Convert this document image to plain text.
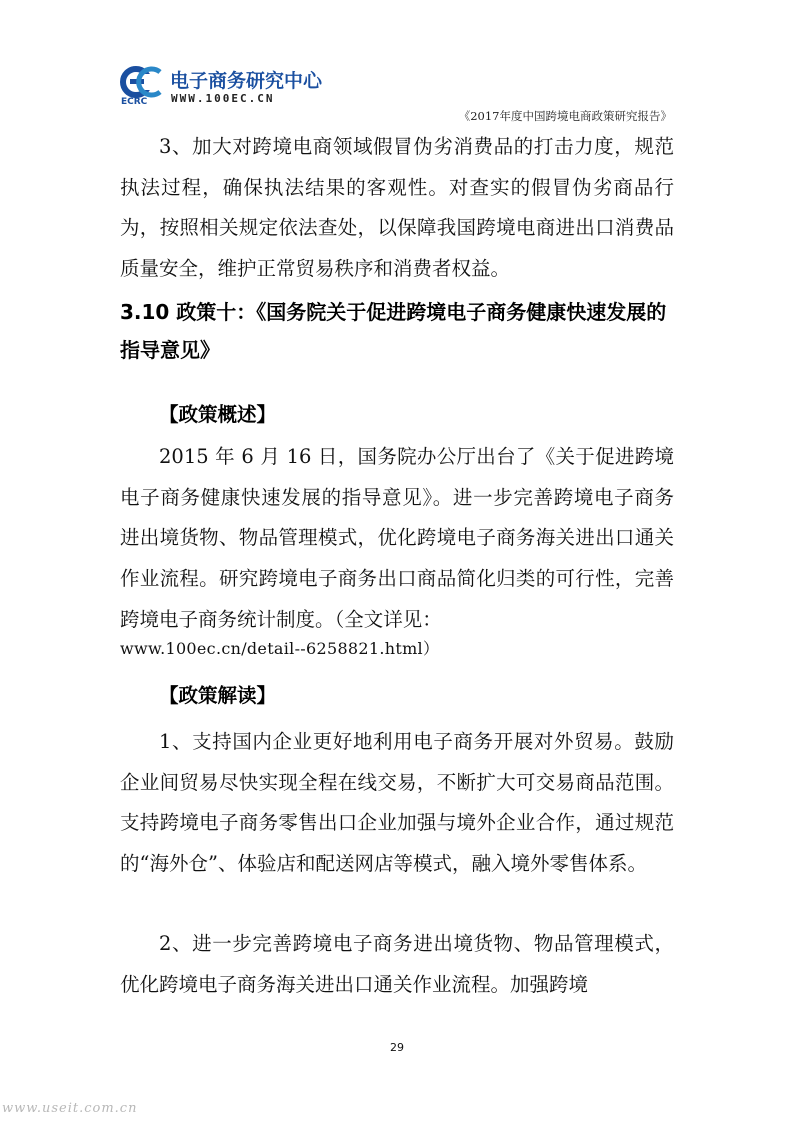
电子商务研究中心
ECRC WWW.100EC.CN
《2017年度中国跨境电商政策研究报告》
3、加大对跨境电商领域假冒伪劣消费品的打击力度，规范执法过程，确保执法结果的客观性。对查实的假冒伪劣商品行为，按照相关规定依法查处，以保障我国跨境电商进出口消费品质量安全，维护正常贸易秩序和消费者权益。
3.10 政策十：《国务院关于促进跨境电子商务健康快速发展的指导意见》
【政策概述】
2015 年 6 月 16 日，国务院办公厅出台了《关于促进跨境电子商务健康快速发展的指导意见》。进一步完善跨境电子商务进出境货物、物品管理模式，优化跨境电子商务海关进出口通关作业流程。研究跨境电子商务出口商品简化归类的可行性，完善跨境电子商务统计制度。（全文详见：
www.100ec.cn/detail--6258821.html）
【政策解读】
1、支持国内企业更好地利用电子商务开展对外贸易。鼓励企业间贸易尽快实现全程在线交易，不断扩大可交易商品范围。支持跨境电子商务零售出口企业加强与境外企业合作，通过规范的“海外仓”、体验店和配送网店等模式，融入境外零售体系。
2、进一步完善跨境电子商务进出境货物、物品管理模式，优化跨境电子商务海关进出口通关作业流程。加强跨境
29
www.useit.com.cn
